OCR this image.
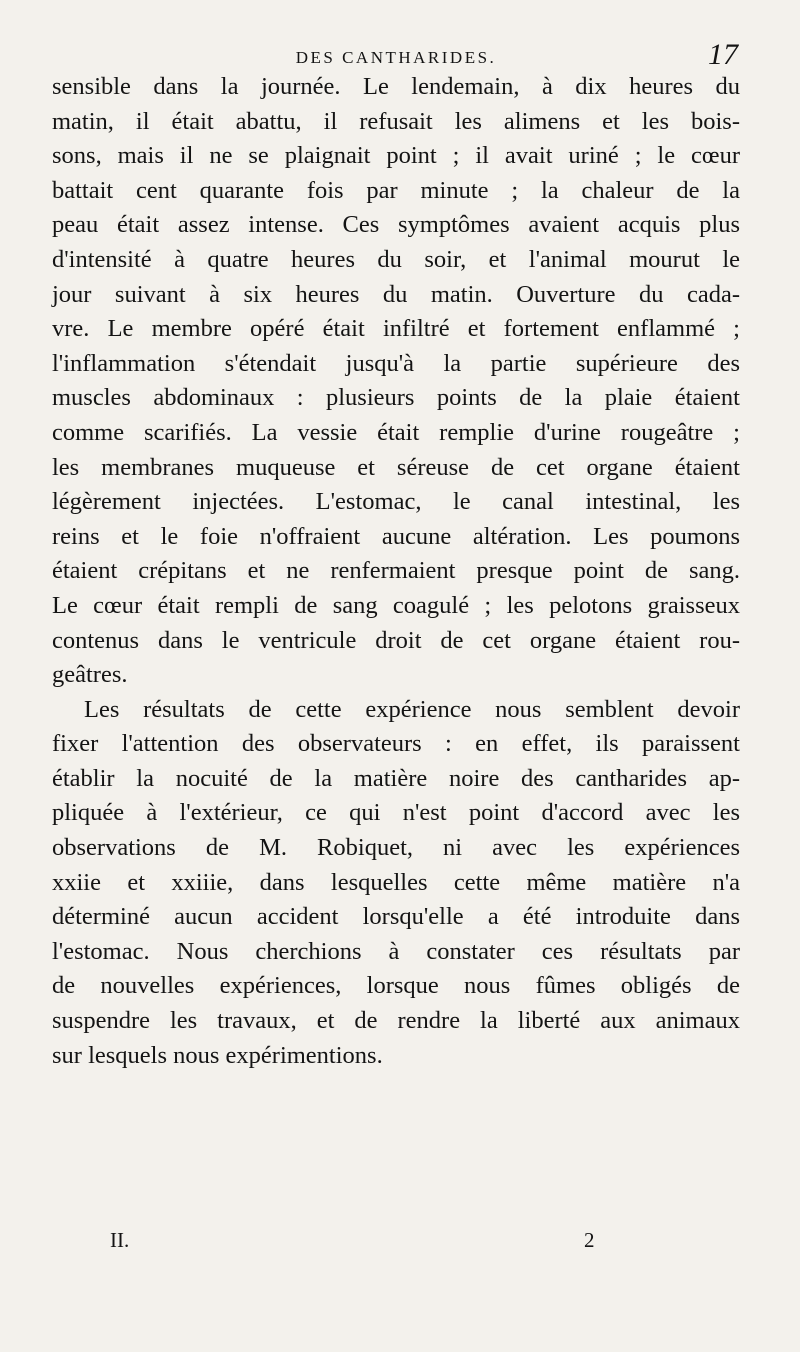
DES CANTHARIDES.	17
sensible dans la journée. Le lendemain, à dix heures du
matin, il était abattu, il refusait les alimens et les bois-
sons, mais il ne se plaignait point ; il avait uriné ; le cœur
battait cent quarante fois par minute ; la chaleur de la
peau était assez intense. Ces symptômes avaient acquis plus
d'intensité à quatre heures du soir, et l'animal mourut le
jour suivant à six heures du matin. Ouverture du cada-
vre. Le membre opéré était infiltré et fortement enflammé ;
l'inflammation s'étendait jusqu'à la partie supérieure des
muscles abdominaux : plusieurs points de la plaie étaient
comme scarifiés. La vessie était remplie d'urine rougeâtre ;
les membranes muqueuse et séreuse de cet organe étaient
légèrement injectées. L'estomac, le canal intestinal, les
reins et le foie n'offraient aucune altération. Les poumons
étaient crépitans et ne renfermaient presque point de sang.
Le cœur était rempli de sang coagulé ; les pelotons graisseux
contenus dans le ventricule droit de cet organe étaient rou-
geâtres.
Les résultats de cette expérience nous semblent devoir
fixer l'attention des observateurs : en effet, ils paraissent
établir la nocuité de la matière noire des cantharides ap-
pliquée à l'extérieur, ce qui n'est point d'accord avec les
observations de M. Robiquet, ni avec les expériences
xxiie et xxiiie, dans lesquelles cette même matière n'a
déterminé aucun accident lorsqu'elle a été introduite dans
l'estomac. Nous cherchions à constater ces résultats par
de nouvelles expériences, lorsque nous fûmes obligés de
suspendre les travaux, et de rendre la liberté aux animaux
sur lesquels nous expérimentions.
II.	2
